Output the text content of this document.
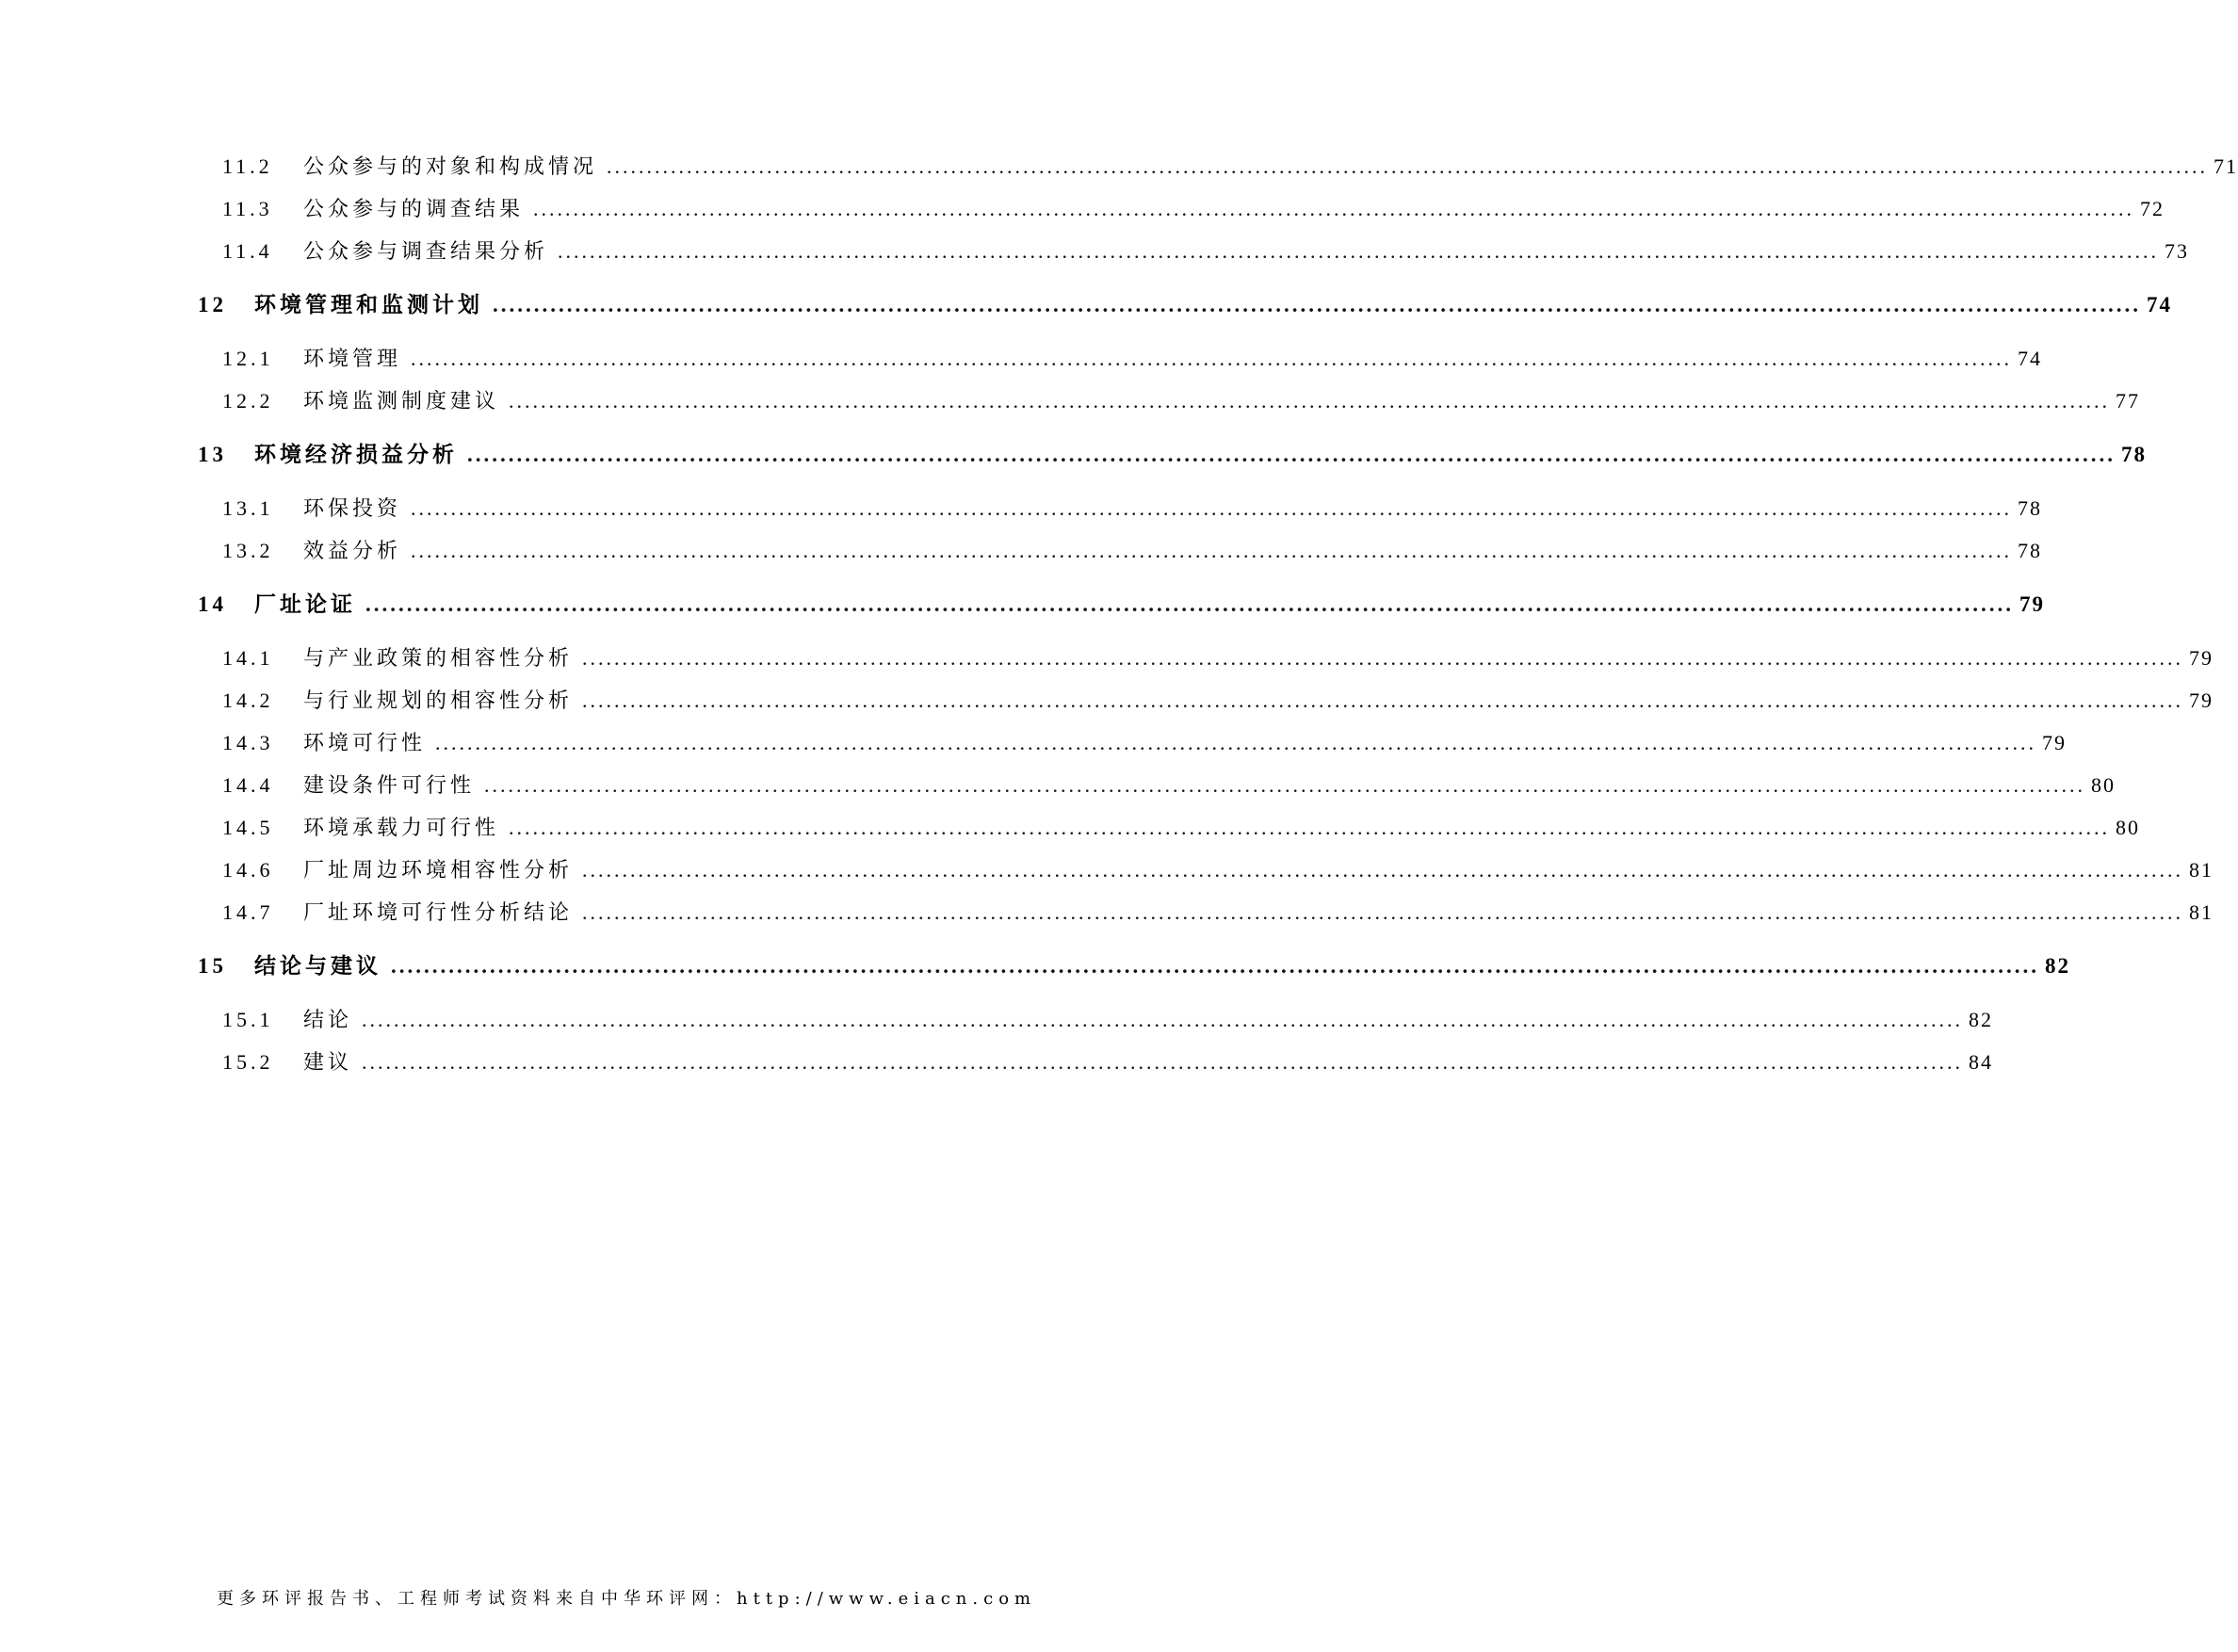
11.2	公众参与的对象和构成情况 ........................................................................................................................................................................................................ 71
11.3	公众参与的调查结果 ........................................................................................................................................................................................................ 72
11.4	公众参与调查结果分析 ........................................................................................................................................................................................................ 73
12	环境管理和监测计划 ........................................................................................................................................................................................................ 74
12.1	环境管理 ........................................................................................................................................................................................................ 74
12.2	环境监测制度建议 ........................................................................................................................................................................................................ 77
13	环境经济损益分析 ........................................................................................................................................................................................................ 78
13.1	环保投资 ........................................................................................................................................................................................................ 78
13.2	效益分析 ........................................................................................................................................................................................................ 78
14	厂址论证 ........................................................................................................................................................................................................ 79
14.1	与产业政策的相容性分析 ........................................................................................................................................................................................................ 79
14.2	与行业规划的相容性分析 ........................................................................................................................................................................................................ 79
14.3	环境可行性 ........................................................................................................................................................................................................ 79
14.4	建设条件可行性 ........................................................................................................................................................................................................ 80
14.5	环境承载力可行性 ........................................................................................................................................................................................................ 80
14.6	厂址周边环境相容性分析 ........................................................................................................................................................................................................ 81
14.7	厂址环境可行性分析结论 ........................................................................................................................................................................................................ 81
15	结论与建议 ........................................................................................................................................................................................................ 82
15.1	结论 ........................................................................................................................................................................................................ 82
15.2	建议 ........................................................................................................................................................................................................ 84
更多环评报告书、工程师考试资料来自中华环评网：http://www.eiacn.com
